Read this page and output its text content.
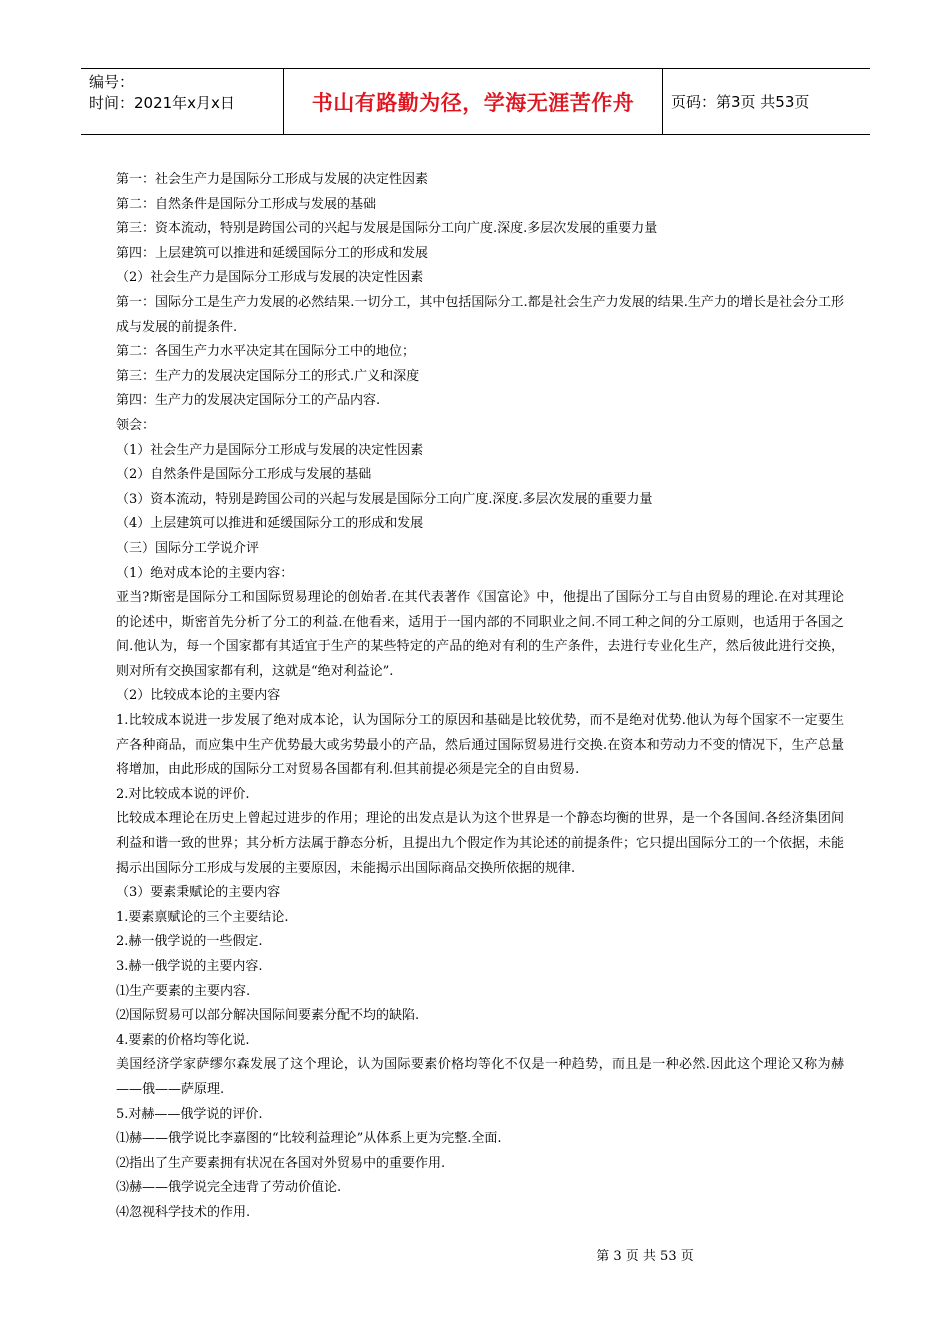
编号：
时间：2021年x月x日	书山有路勤为径，学海无涯苦作舟	页码：第3页 共53页

第一：社会生产力是国际分工形成与发展的决定性因素

第二：自然条件是国际分工形成与发展的基础

第三：资本流动，特别是跨国公司的兴起与发展是国际分工向广度.深度.多层次发展的重要力量

第四：上层建筑可以推进和延缓国际分工的形成和发展

（2）社会生产力是国际分工形成与发展的决定性因素

第一：国际分工是生产力发展的必然结果.一切分工，其中包括国际分工.都是社会生产力发展的结果.生产力的增长是社会分工形成与发展的前提条件.

第二：各国生产力水平决定其在国际分工中的地位；

第三：生产力的发展决定国际分工的形式.广义和深度

第四：生产力的发展决定国际分工的产品内容.

领会：

（1）社会生产力是国际分工形成与发展的决定性因素

（2）自然条件是国际分工形成与发展的基础

（3）资本流动，特别是跨国公司的兴起与发展是国际分工向广度.深度.多层次发展的重要力量

（4）上层建筑可以推进和延缓国际分工的形成和发展

（三）国际分工学说介评

（1）绝对成本论的主要内容：

亚当?斯密是国际分工和国际贸易理论的创始者.在其代表著作《国富论》中，他提出了国际分工与自由贸易的理论.在对其理论的论述中，斯密首先分析了分工的利益.在他看来，适用于一国内部的不同职业之间.不同工种之间的分工原则，也适用于各国之间.他认为，每一个国家都有其适宜于生产的某些特定的产品的绝对有利的生产条件，去进行专业化生产，然后彼此进行交换，则对所有交换国家都有利，这就是“绝对利益论”.

（2）比较成本论的主要内容

1.比较成本说进一步发展了绝对成本论，认为国际分工的原因和基础是比较优势，而不是绝对优势.他认为每个国家不一定要生产各种商品，而应集中生产优势最大或劣势最小的产品，然后通过国际贸易进行交换.在资本和劳动力不变的情况下，生产总量将增加，由此形成的国际分工对贸易各国都有利.但其前提必须是完全的自由贸易.

2.对比较成本说的评价.

比较成本理论在历史上曾起过进步的作用；理论的出发点是认为这个世界是一个静态均衡的世界，是一个各国间.各经济集团间利益和谐一致的世界；其分析方法属于静态分析，且提出九个假定作为其论述的前提条件；它只提出国际分工的一个依据，未能揭示出国际分工形成与发展的主要原因，未能揭示出国际商品交换所依据的规律.

（3）要素秉赋论的主要内容

1.要素禀赋论的三个主要结论.

2.赫一俄学说的一些假定.

3.赫一俄学说的主要内容.

⑴生产要素的主要内容.

⑵国际贸易可以部分解决国际间要素分配不均的缺陷.

4.要素的价格均等化说.

美国经济学家萨缪尔森发展了这个理论，认为国际要素价格均等化不仅是一种趋势，而且是一种必然.因此这个理论又称为赫——俄——萨原理.

5.对赫——俄学说的评价.

⑴赫——俄学说比李嘉图的“比较利益理论”从体系上更为完整.全面.

⑵指出了生产要素拥有状况在各国对外贸易中的重要作用.

⑶赫——俄学说完全违背了劳动价值论.

⑷忽视科学技术的作用.

第 3 页 共 53 页
